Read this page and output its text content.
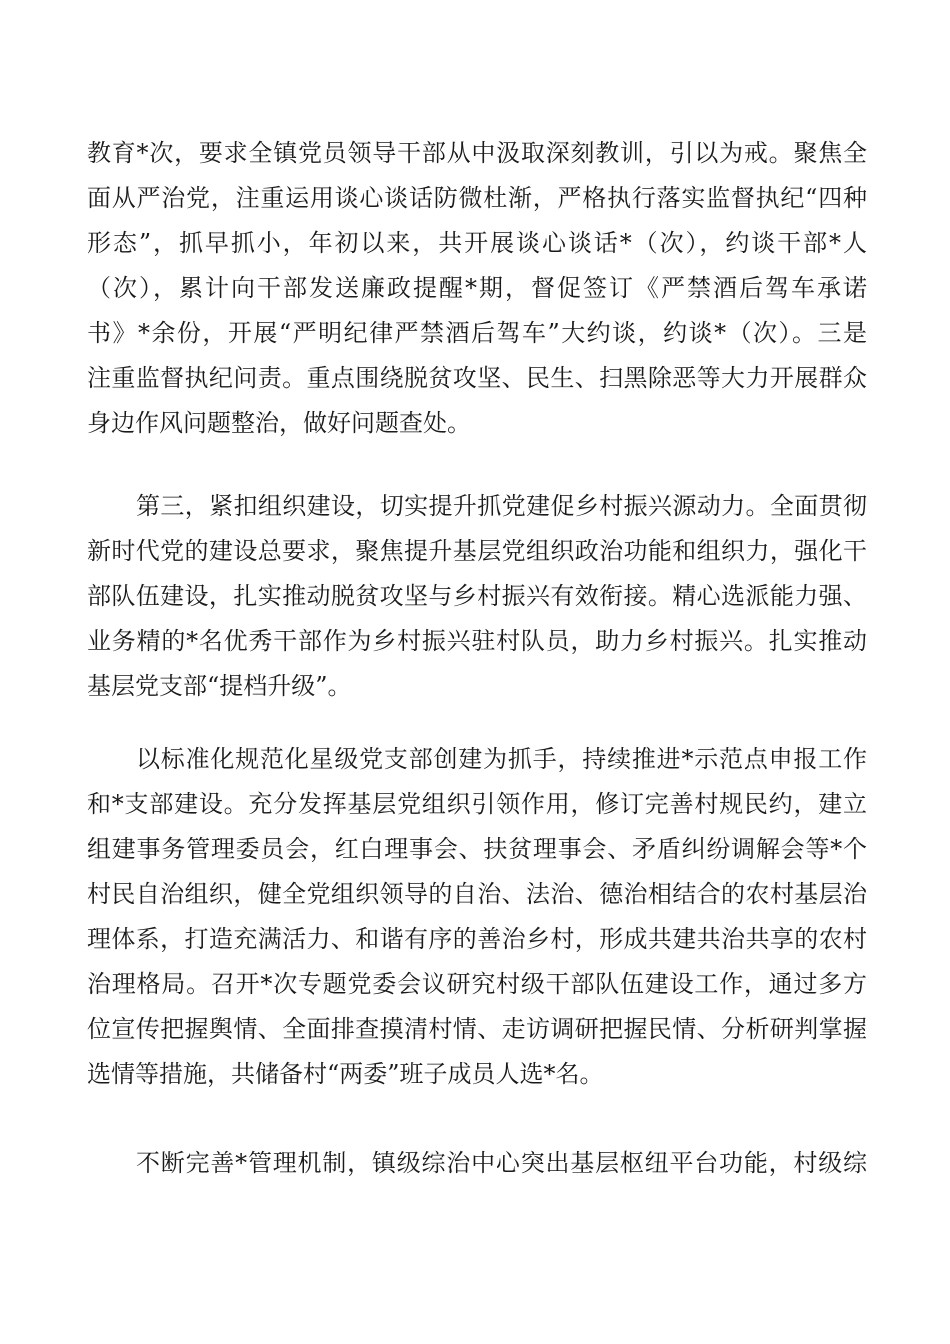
教育*次，要求全镇党员领导干部从中汲取深刻教训，引以为戒。聚焦全
面从严治党，注重运用谈心谈话防微杜渐，严格执行落实监督执纪“四种
形态”，抓早抓小，年初以来，共开展谈心谈话*（次），约谈干部*人
（次），累计向干部发送廉政提醒*期，督促签订《严禁酒后驾车承诺
书》*余份，开展“严明纪律严禁酒后驾车”大约谈，约谈*（次）。三是
注重监督执纪问责。重点围绕脱贫攻坚、民生、扫黑除恶等大力开展群众
身边作风问题整治，做好问题查处。
第三，紧扣组织建设，切实提升抓党建促乡村振兴源动力。全面贯彻
新时代党的建设总要求，聚焦提升基层党组织政治功能和组织力，强化干
部队伍建设，扎实推动脱贫攻坚与乡村振兴有效衔接。精心选派能力强、
业务精的*名优秀干部作为乡村振兴驻村队员，助力乡村振兴。扎实推动
基层党支部“提档升级”。
以标准化规范化星级党支部创建为抓手，持续推进*示范点申报工作
和*支部建设。充分发挥基层党组织引领作用，修订完善村规民约，建立
组建事务管理委员会，红白理事会、扶贫理事会、矛盾纠纷调解会等*个
村民自治组织，健全党组织领导的自治、法治、德治相结合的农村基层治
理体系，打造充满活力、和谐有序的善治乡村，形成共建共治共享的农村
治理格局。召开*次专题党委会议研究村级干部队伍建设工作，通过多方
位宣传把握舆情、全面排查摸清村情、走访调研把握民情、分析研判掌握
选情等措施，共储备村“两委”班子成员人选*名。
不断完善*管理机制，镇级综治中心突出基层枢纽平台功能，村级综
